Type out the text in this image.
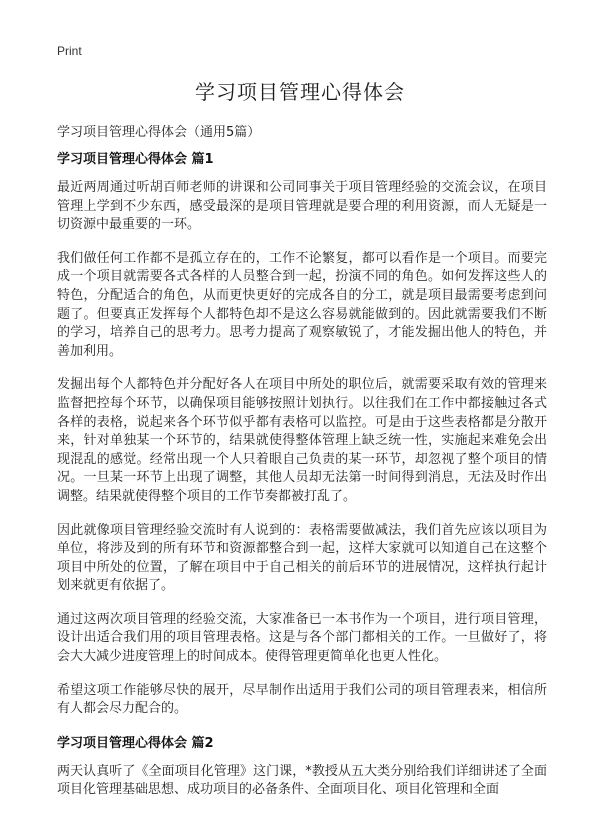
Print
学习项目管理心得体会

学习项目管理心得体会（通用5篇）

学习项目管理心得体会 篇1

最近两周通过听胡百师老师的讲课和公司同事关于项目管理经验的交流会议，在项目管理上学到不少东西，感受最深的是项目管理就是要合理的利用资源，而人无疑是一切资源中最重要的一环。

我们做任何工作都不是孤立存在的，工作不论繁复，都可以看作是一个项目。而要完成一个项目就需要各式各样的人员整合到一起，扮演不同的角色。如何发挥这些人的特色，分配适合的角色，从而更快更好的完成各自的分工，就是项目最需要考虑到问题了。但要真正发挥每个人都特色却不是这么容易就能做到的。因此就需要我们不断的学习，培养自己的思考力。思考力提高了观察敏锐了，才能发掘出他人的特色，并善加利用。

发掘出每个人都特色并分配好各人在项目中所处的职位后，就需要采取有效的管理来监督把控每个环节，以确保项目能够按照计划执行。以往我们在工作中都接触过各式各样的表格，说起来各个环节似乎都有表格可以监控。可是由于这些表格都是分散开来，针对单独某一个环节的，结果就使得整体管理上缺乏统一性，实施起来难免会出现混乱的感觉。经常出现一个人只着眼自己负责的某一环节，却忽视了整个项目的情况。一旦某一环节上出现了调整，其他人员却无法第一时间得到消息，无法及时作出调整。结果就使得整个项目的工作节奏都被打乱了。

因此就像项目管理经验交流时有人说到的：表格需要做减法，我们首先应该以项目为单位，将涉及到的所有环节和资源都整合到一起，这样大家就可以知道自己在这整个项目中所处的位置，了解在项目中于自己相关的前后环节的进展情况，这样执行起计划来就更有依据了。

通过这两次项目管理的经验交流，大家准备已一本书作为一个项目，进行项目管理，设计出适合我们用的项目管理表格。这是与各个部门都相关的工作。一旦做好了，将会大大减少进度管理上的时间成本。使得管理更简单化也更人性化。

希望这项工作能够尽快的展开，尽早制作出适用于我们公司的项目管理表来，相信所有人都会尽力配合的。

学习项目管理心得体会 篇2

两天认真听了《全面项目化管理》这门课，*教授从五大类分别给我们详细讲述了全面项目化管理基础思想、成功项目的必备条件、全面项目化、项目化管理和全面
